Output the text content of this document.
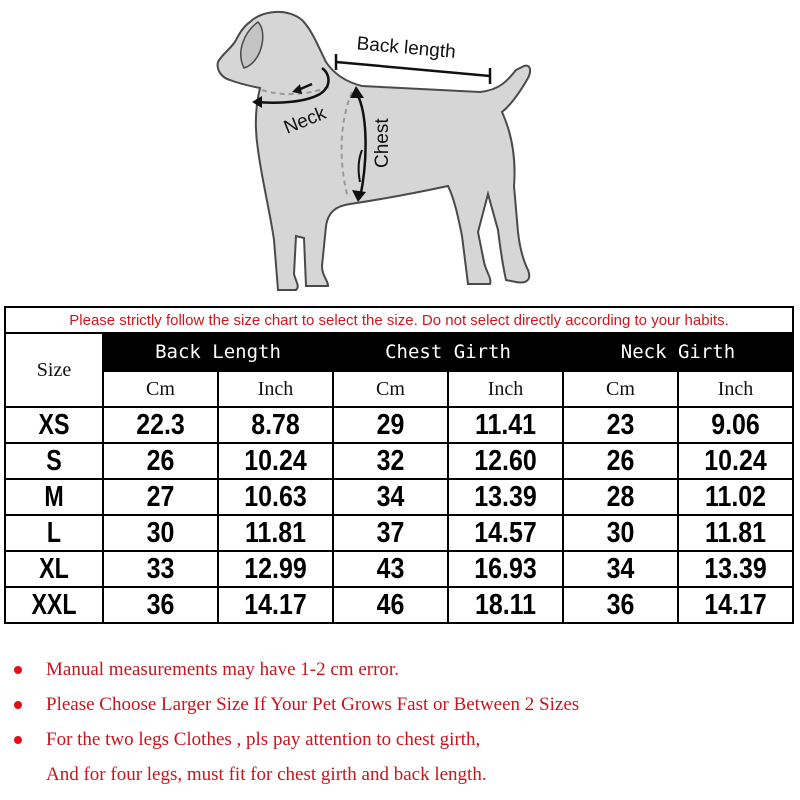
Back length
Neck Chest
Please strictly follow the size chart to select the size. Do not select directly according to your habits.						
Size	Back Length		Chest Girth		Neck Girth	
	Cm	Inch	Cm	Inch	Cm	Inch
XS	22.3	8.78	29	11.41	23	9.06
S	26	10.24	32	12.60	26	10.24
M	27	10.63	34	13.39	28	11.02
L	30	11.81	37	14.57	30	11.81
XL	33	12.99	43	16.93	34	13.39
XXL	36	14.17	46	18.11	36	14.17
Manual measurements may have 1-2 cm error.
Please Choose Larger Size If Your Pet Grows Fast or Between 2 Sizes
For the two legs Clothes , pls pay attention to chest girth,
And for four legs, must fit for chest girth and back length.
